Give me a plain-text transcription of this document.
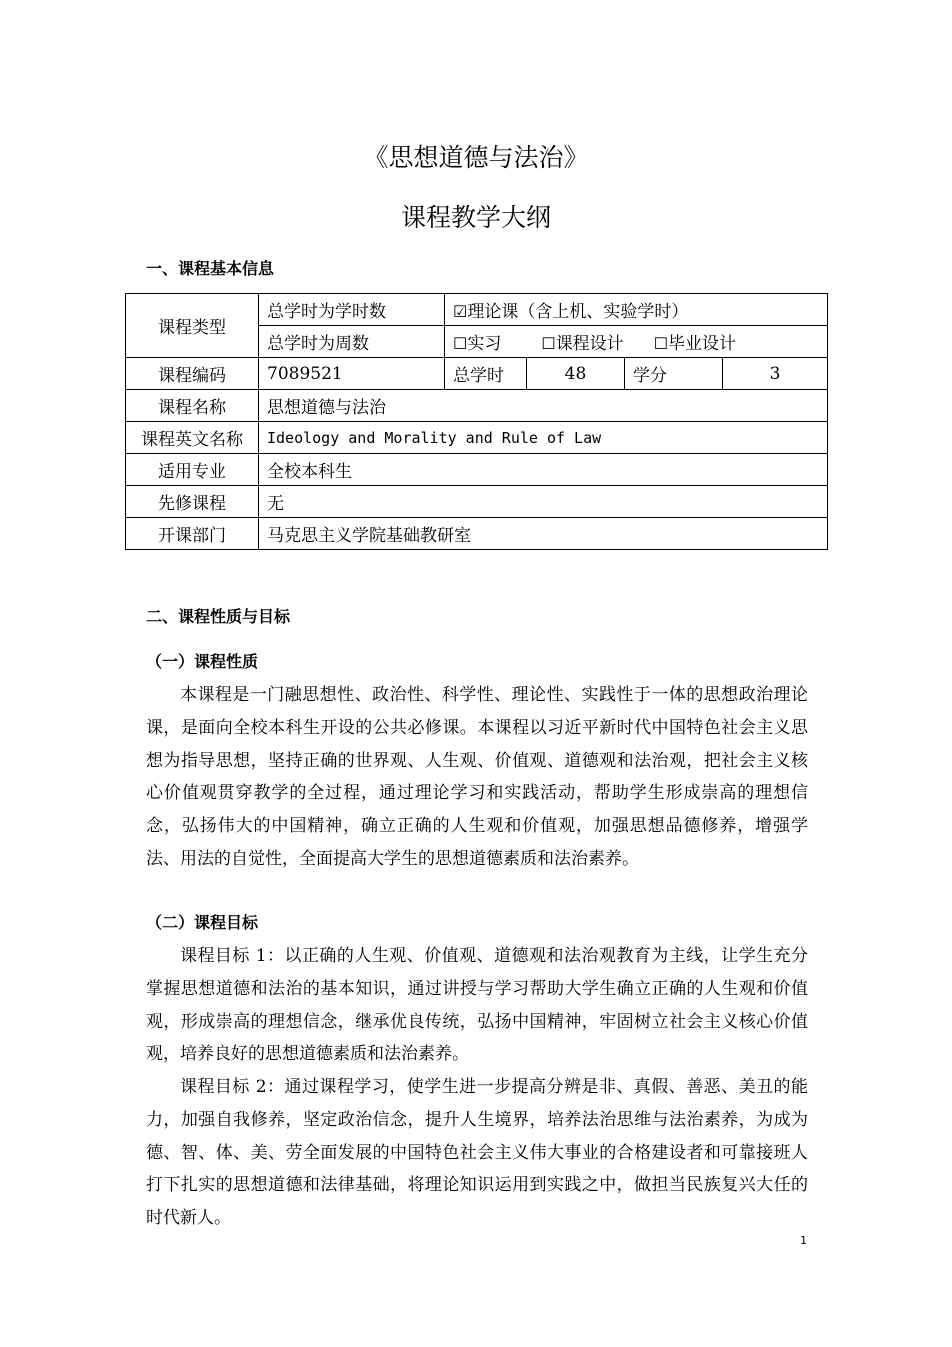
《思想道德与法治》
课程教学大纲
一、课程基本信息
课程类型	总学时为学时数	☑理论课（含上机、实验学时）			
	总学时为周数	☐实习 ☐课程设计 ☐毕业设计			
课程编码	7089521	总学时	48	学分	3
课程名称	思想道德与法治				
课程英文名称	Ideology and Morality and Rule of Law				
适用专业	全校本科生				
先修课程	无				
开课部门	马克思主义学院基础教研室				
二、课程性质与目标
（一）课程性质

本课程是一门融思想性、政治性、科学性、理论性、实践性于一体的思想政治理论课，是面向全校本科生开设的公共必修课。本课程以习近平新时代中国特色社会主义思想为指导思想，坚持正确的世界观、人生观、价值观、道德观和法治观，把社会主义核心价值观贯穿教学的全过程，通过理论学习和实践活动，帮助学生形成崇高的理想信念，弘扬伟大的中国精神，确立正确的人生观和价值观，加强思想品德修养，增强学法、用法的自觉性，全面提高大学生的思想道德素质和法治素养。

（二）课程目标

课程目标 1：以正确的人生观、价值观、道德观和法治观教育为主线，让学生充分掌握思想道德和法治的基本知识，通过讲授与学习帮助大学生确立正确的人生观和价值观，形成崇高的理想信念，继承优良传统，弘扬中国精神，牢固树立社会主义核心价值观，培养良好的思想道德素质和法治素养。

课程目标 2：通过课程学习，使学生进一步提高分辨是非、真假、善恶、美丑的能力，加强自我修养，坚定政治信念，提升人生境界，培养法治思维与法治素养，为成为德、智、体、美、劳全面发展的中国特色社会主义伟大事业的合格建设者和可靠接班人打下扎实的思想道德和法律基础，将理论知识运用到实践之中，做担当民族复兴大任的时代新人。

1
